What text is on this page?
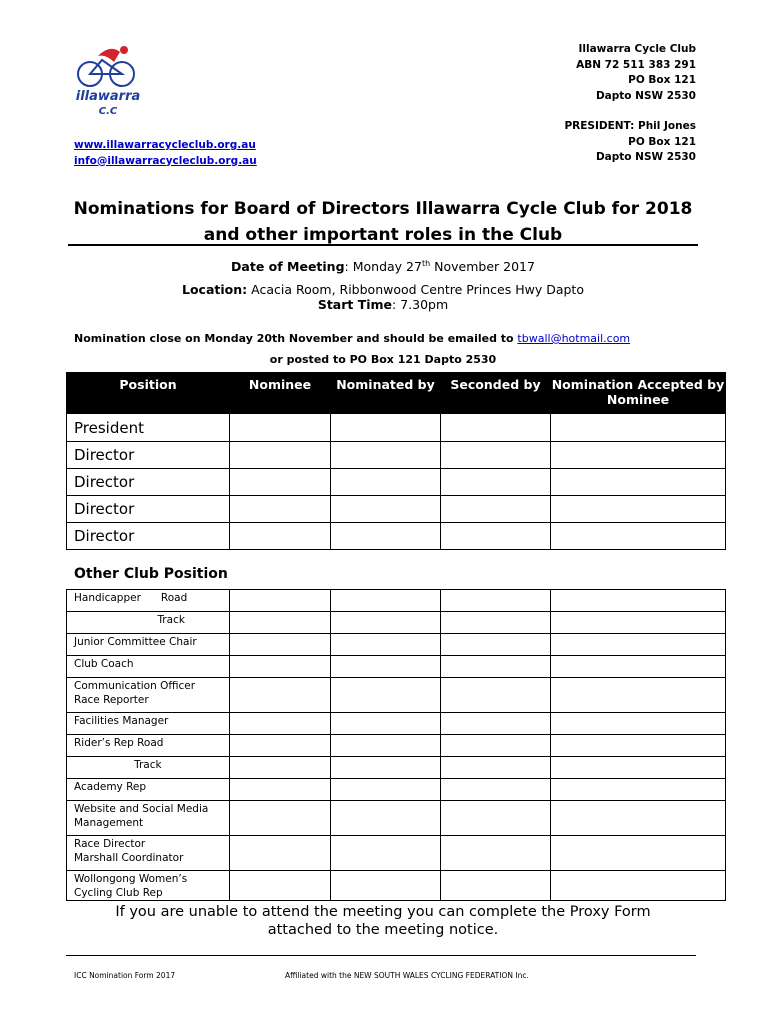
illawarra
C.C
Illawarra Cycle Club
ABN 72 511 383 291
PO Box 121
Dapto NSW 2530
PRESIDENT: Phil Jones
PO Box 121
Dapto NSW 2530
www.illawarracycleclub.org.au
info@illawarracycleclub.org.au
Nominations for Board of Directors Illawarra Cycle Club for 2018
and other important roles in the Club
Date of Meeting: Monday 27th November 2017
Location: Acacia Room, Ribbonwood Centre Princes Hwy Dapto
Start Time: 7.30pm
Nomination close on Monday 20th November and should be emailed to tbwall@hotmail.com
or posted to PO Box 121 Dapto 2530
Position	Nominee	Nominated by	Seconded by	Nomination Accepted by Nominee
President				
Director				
Director				
Director				
Director				
Other Club Position
Handicapper      Road				

Track				

Junior Committee Chair				

Club Coach				

Communication Officer
Race Reporter				

Facilities Manager				

Rider’s Rep Road				

Track				

Academy Rep				

Website and Social Media
Management				

Race Director
Marshall Coordinator				

Wollongong Women’s
Cycling Club Rep				

If you are unable to attend the meeting you can complete the Proxy Form
attached to the meeting notice.
ICC Nomination Form 2017	Affiliated with the NEW SOUTH WALES CYCLING FEDERATION Inc.
